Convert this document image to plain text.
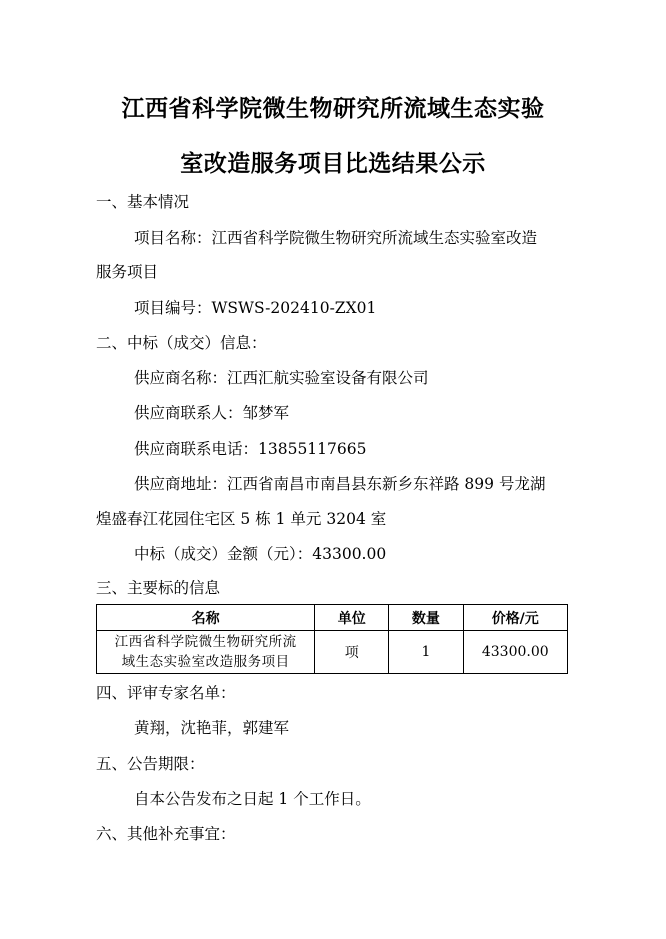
江西省科学院微生物研究所流域生态实验
室改造服务项目比选结果公示
一、基本情况
项目名称：江西省科学院微生物研究所流域生态实验室改造
服务项目
项目编号：WSWS-202410-ZX01
二、中标（成交）信息：
供应商名称：江西汇航实验室设备有限公司
供应商联系人：邹梦军
供应商联系电话：13855117665
供应商地址：江西省南昌市南昌县东新乡东祥路 899 号龙湖
煌盛春江花园住宅区 5 栋 1 单元 3204 室
中标（成交）金额（元）：43300.00
三、主要标的信息
名称	单位	数量	价格/元

江西省科学院微生物研究所流
域生态实验室改造服务项目	项	1	43300.00
四、评审专家名单：
黄翔，沈艳菲，郭建军
五、公告期限：
自本公告发布之日起 1 个工作日。
六、其他补充事宜：
